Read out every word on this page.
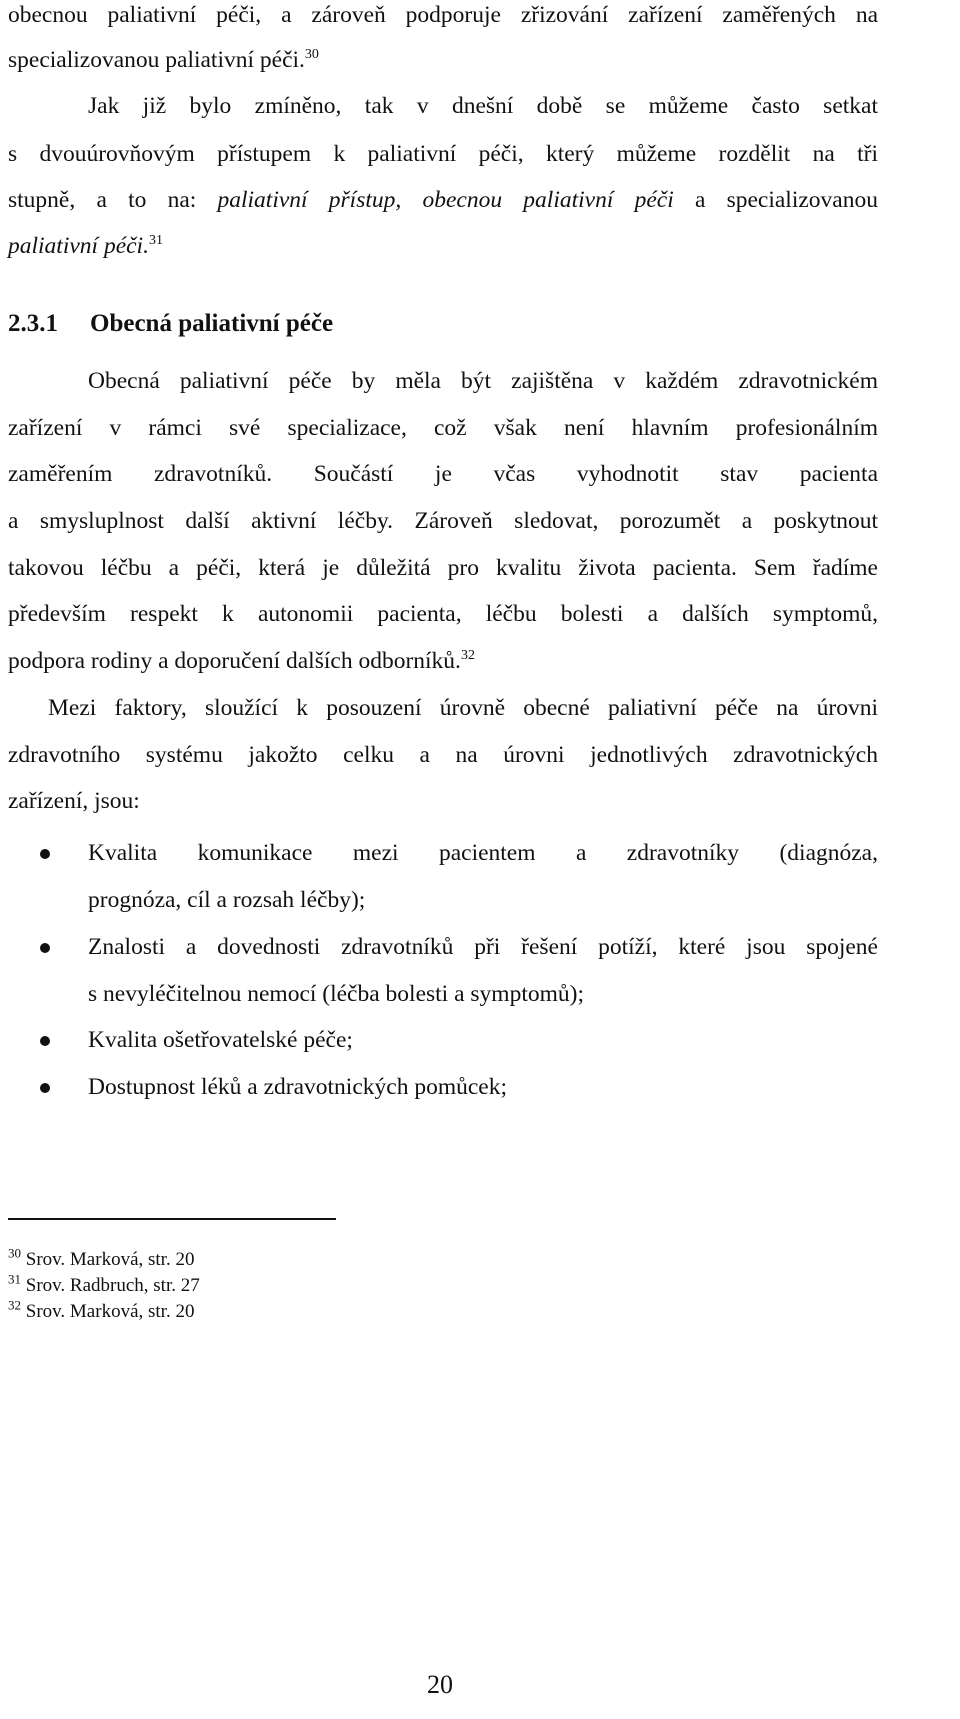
obecnou paliativní péči, a zároveň podporuje zřizování zařízení zaměřených na
specializovanou paliativní péči.$^{30}$
Jak již bylo zmíněno, tak v dnešní době se můžeme často setkat
s dvouúrovňovým přístupem k paliativní péči, který můžeme rozdělit na tři
stupně, a to na: paliativní přístup, obecnou paliativní péči a specializovanou
paliativní péči.$^{31}$
2.3.1 Obecná paliativní péče
Obecná paliativní péče by měla být zajištěna v každém zdravotnickém
zařízení v rámci své specializace, což však není hlavním profesionálním
zaměřením zdravotníků. Součástí je včas vyhodnotit stav pacienta
a smysluplnost další aktivní léčby. Zároveň sledovat, porozumět a poskytnout
takovou léčbu a péči, která je důležitá pro kvalitu života pacienta. Sem řadíme
především respekt k autonomii pacienta, léčbu bolesti a dalších symptomů,
podpora rodiny a doporučení dalších odborníků.$^{32}$
Mezi faktory, sloužící k posouzení úrovně obecné paliativní péče na úrovni
zdravotního systému jakožto celku a na úrovni jednotlivých zdravotnických
zařízení, jsou:
Kvalita komunikace mezi pacientem a zdravotníky (diagnóza,
prognóza, cíl a rozsah léčby);
Znalosti a dovednosti zdravotníků při řešení potíží, které jsou spojené
s nevyléčitelnou nemocí (léčba bolesti a symptomů);
Kvalita ošetřovatelské péče;
Dostupnost léků a zdravotnických pomůcek;
$^{30}$ Srov. Marková, str. 20
$^{31}$ Srov. Radbruch, str. 27
$^{32}$ Srov. Marková, str. 20
20
